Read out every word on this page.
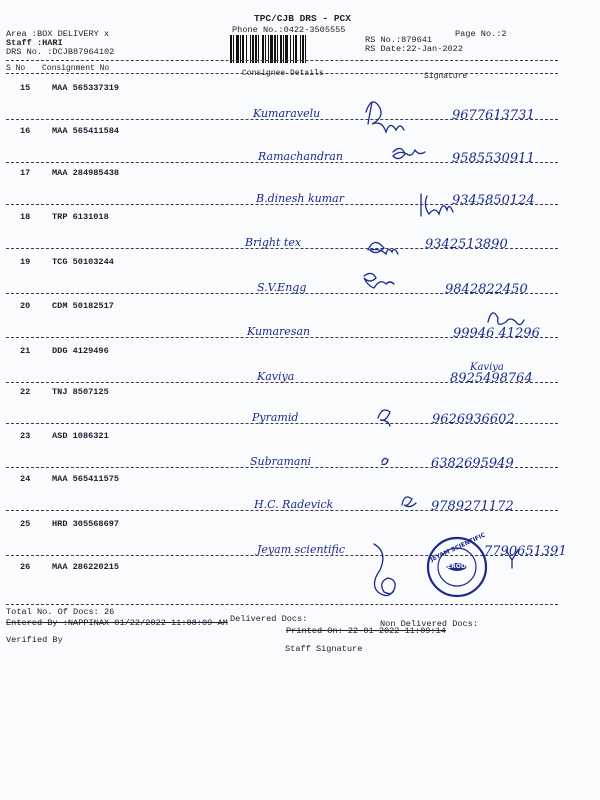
TPC/CJB DRS - PCX
Phone No.:0422-3505555
Area :BOX DELIVERY x
Staff :HARI
DRS No. :DCJB87964102
RS No.:879641
RS Date:22-Jan-2022
Page No.:2
S No Consignment No
Consignee Details	Signature
15	MAA 565337319
Kumaravelu	9677613731
16	MAA 565411584
Ramachandran	9585530911
17	MAA 284985438
B.dinesh kumar	9345850124
18	TRP 6131018
Bright tex	9342513890
19	TCG 50103244
S.V.Engg	9842822450
20	CDM 50182517
Kumaresan	99946 41296
21	DDG 4129496
Kaviya	8925498764
Kaviya
22	TNJ 8507125
Pyramid	9626936602
23	ASD 1086321
Subramani	6382695949
24	MAA 565411575
H.C. Radevick	9789271172
25	HRD 305568697
Jeyam scientific	7790651391
26	MAA 286220215
JEYAM SCIENTIFIC
ERODE
Total No. Of Docs: 26
Delivered Docs:	Non Delivered Docs:
Entered By :NAPPINAX 01/22/2022 11:08:09 AM
Printed On: 22-01-2022 11:09:14
Verified By
Staff Signature
